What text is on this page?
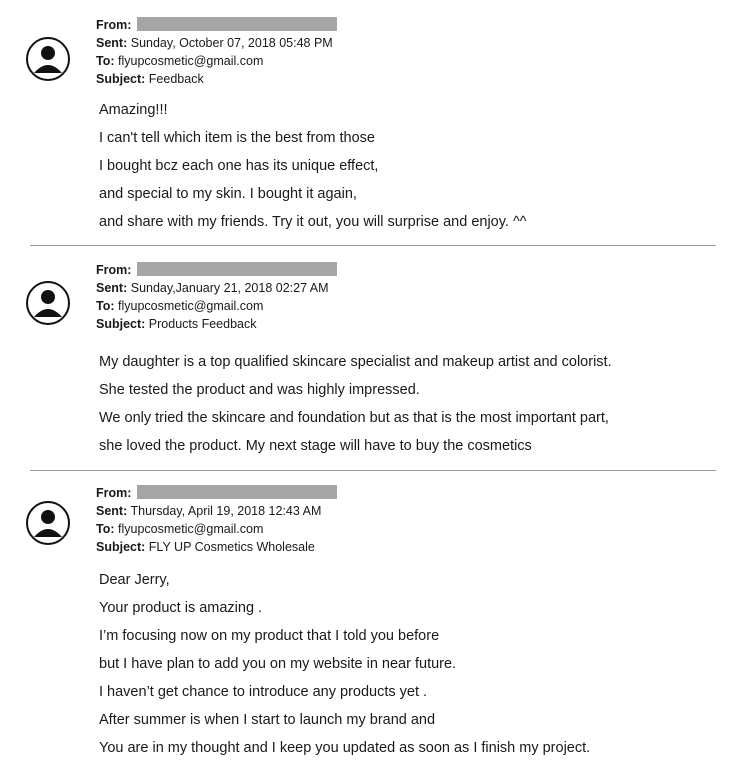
From:
Sent: Sunday, October 07, 2018 05:48 PM
To: flyupcosmetic@gmail.com
Subject: Feedback
Amazing!!!
I can't tell which item is the best from those
I bought bcz each one has its unique effect,
and special to my skin. I bought it again,
and share with my friends. Try it out, you will surprise and enjoy. ^^
From:
Sent: Sunday,January 21, 2018 02:27 AM
To: flyupcosmetic@gmail.com
Subject: Products Feedback
My daughter is a top qualified skincare specialist and makeup artist and colorist.
She tested the product and was highly impressed.
We only tried the skincare and foundation but as that is the most important part,
she loved the product. My next stage will have to buy the cosmetics
From:
Sent: Thursday, April 19, 2018 12:43 AM
To: flyupcosmetic@gmail.com
Subject: FLY UP Cosmetics Wholesale
Dear Jerry,
Your product is amazing .
I’m focusing now on my product that I told you before
but I have plan to add you on my website in near future.
I haven’t get chance to introduce any products yet .
After summer is when I start to launch my brand and
You are in my thought and I keep you updated as soon as I finish my project.
